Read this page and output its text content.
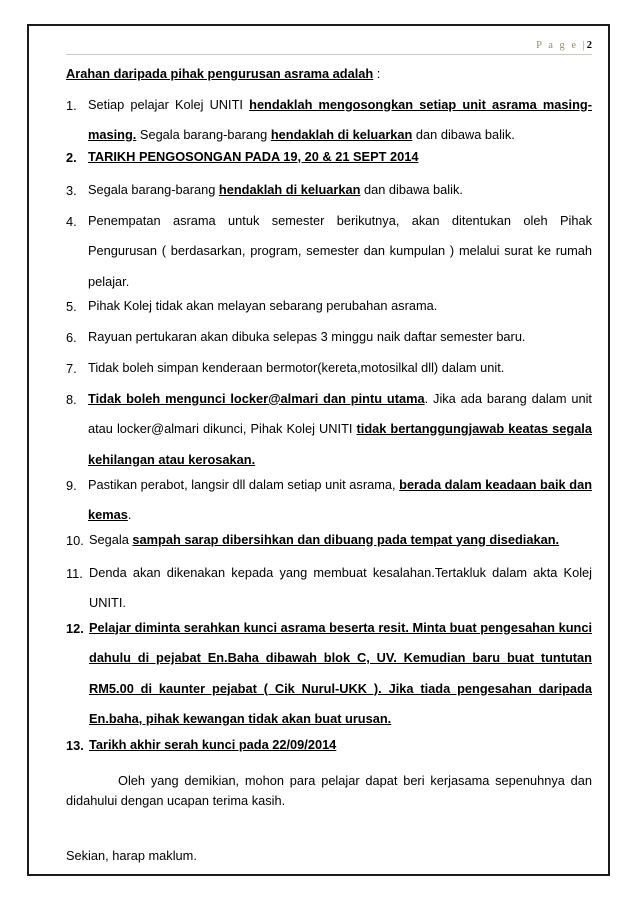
P a g e |2
Arahan daripada pihak pengurusan asrama adalah :
1. Setiap pelajar Kolej UNITI hendaklah mengosongkan setiap unit asrama masing-masing. Segala barang-barang hendaklah di keluarkan dan dibawa balik.
2. TARIKH PENGOSONGAN PADA 19, 20 & 21 SEPT 2014
3. Segala barang-barang hendaklah di keluarkan dan dibawa balik.
4. Penempatan asrama untuk semester berikutnya, akan ditentukan oleh Pihak Pengurusan ( berdasarkan, program, semester dan kumpulan ) melalui surat ke rumah pelajar.
5. Pihak Kolej tidak akan melayan sebarang perubahan asrama.
6. Rayuan pertukaran akan dibuka selepas 3 minggu naik daftar semester baru.
7. Tidak boleh simpan kenderaan bermotor(kereta,motosilkal dll) dalam unit.
8. Tidak boleh mengunci locker@almari dan pintu utama. Jika ada barang dalam unit atau locker@almari dikunci, Pihak Kolej UNITI tidak bertanggungjawab keatas segala kehilangan atau kerosakan.
9. Pastikan perabot, langsir dll dalam setiap unit asrama, berada dalam keadaan baik dan kemas.
10. Segala sampah sarap dibersihkan dan dibuang pada tempat yang disediakan.
11. Denda akan dikenakan kepada yang membuat kesalahan.Tertakluk dalam akta Kolej UNITI.
12. Pelajar diminta serahkan kunci asrama beserta resit. Minta buat pengesahan kunci dahulu di pejabat En.Baha dibawah blok C, UV. Kemudian baru buat tuntutan RM5.00 di kaunter pejabat ( Cik Nurul-UKK ). Jika tiada pengesahan daripada En.baha, pihak kewangan tidak akan buat urusan.
13. Tarikh akhir serah kunci pada 22/09/2014
Oleh yang demikian, mohon para pelajar dapat beri kerjasama sepenuhnya dan didahului dengan ucapan terima kasih.
Sekian, harap maklum.
